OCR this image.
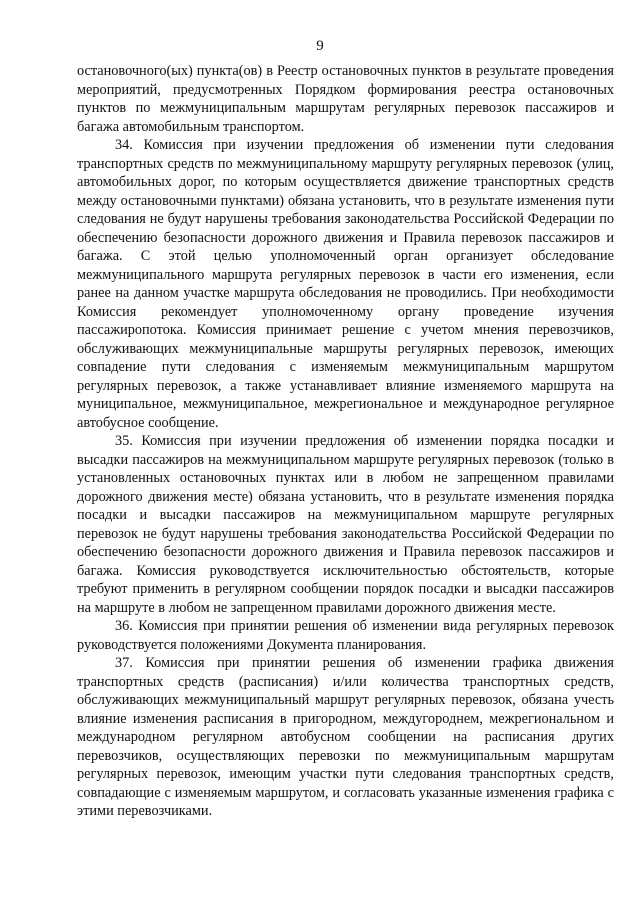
9

остановочного(ых) пункта(ов) в Реестр остановочных пунктов в результате проведения мероприятий, предусмотренных Порядком формирования реестра остановочных пунктов по межмуниципальным маршрутам регулярных перевозок пассажиров и багажа автомобильным транспортом.

34. Комиссия при изучении предложения об изменении пути следования транспортных средств по межмуниципальному маршруту регулярных перевозок (улиц, автомобильных дорог, по которым осуществляется движение транспортных средств между остановочными пунктами) обязана установить, что в результате изменения пути следования не будут нарушены требования законодательства Российской Федерации по обеспечению безопасности дорожного движения и Правила перевозок пассажиров и багажа. С этой целью уполномоченный орган организует обследование межмуниципального маршрута регулярных перевозок в части его изменения, если ранее на данном участке маршрута обследования не проводились. При необходимости Комиссия рекомендует уполномоченному органу проведение изучения пассажиропотока. Комиссия принимает решение с учетом мнения перевозчиков, обслуживающих межмуниципальные маршруты регулярных перевозок, имеющих совпадение пути следования с изменяемым межмуниципальным маршрутом регулярных перевозок, а также устанавливает влияние изменяемого маршрута на муниципальное, межмуниципальное, межрегиональное и международное регулярное автобусное сообщение.

35. Комиссия при изучении предложения об изменении порядка посадки и высадки пассажиров на межмуниципальном маршруте регулярных перевозок (только в установленных остановочных пунктах или в любом не запрещенном правилами дорожного движения месте) обязана установить, что в результате изменения порядка посадки и высадки пассажиров на межмуниципальном маршруте регулярных перевозок не будут нарушены требования законодательства Российской Федерации по обеспечению безопасности дорожного движения и Правила перевозок пассажиров и багажа. Комиссия руководствуется исключительностью обстоятельств, которые требуют применить в регулярном сообщении порядок посадки и высадки пассажиров на маршруте в любом не запрещенном правилами дорожного движения месте.

36. Комиссия при принятии решения об изменении вида регулярных перевозок руководствуется положениями Документа планирования.

37. Комиссия при принятии решения об изменении графика движения транспортных средств (расписания) и/или количества транспортных средств, обслуживающих межмуниципальный маршрут регулярных перевозок, обязана учесть влияние изменения расписания в пригородном, междугороднем, межрегиональном и международном регулярном автобусном сообщении на расписания других перевозчиков, осуществляющих перевозки по межмуниципальным маршрутам регулярных перевозок, имеющим участки пути следования транспортных средств, совпадающие с изменяемым маршрутом, и согласовать указанные изменения графика с этими перевозчиками.
